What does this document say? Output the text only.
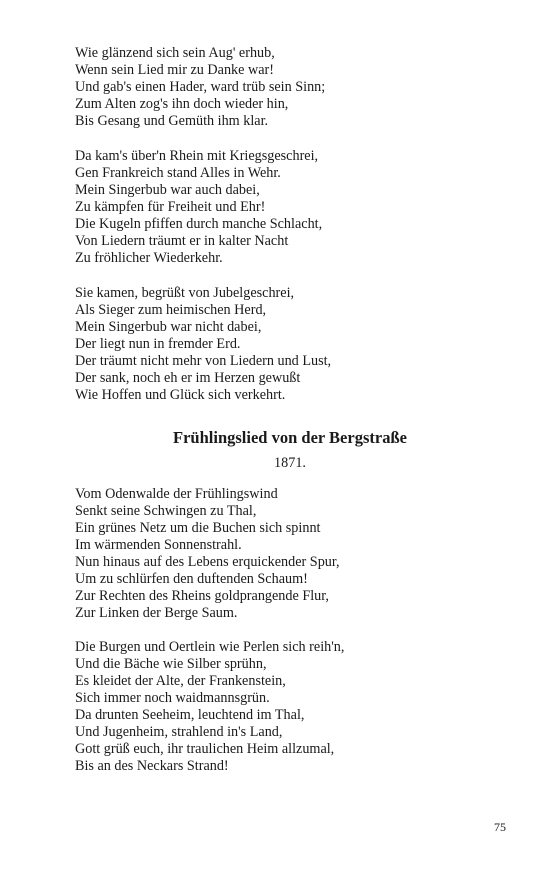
Wie glänzend sich sein Aug' erhub,
Wenn sein Lied mir zu Danke war!
Und gab's einen Hader, ward trüb sein Sinn;
Zum Alten zog's ihn doch wieder hin,
Bis Gesang und Gemüth ihm klar.
Da kam's über'n Rhein mit Kriegsgeschrei,
Gen Frankreich stand Alles in Wehr.
Mein Singerbub war auch dabei,
Zu kämpfen für Freiheit und Ehr!
Die Kugeln pfiffen durch manche Schlacht,
Von Liedern träumt er in kalter Nacht
Zu fröhlicher Wiederkehr.
Sie kamen, begrüßt von Jubelgeschrei,
Als Sieger zum heimischen Herd,
Mein Singerbub war nicht dabei,
Der liegt nun in fremder Erd.
Der träumt nicht mehr von Liedern und Lust,
Der sank, noch eh er im Herzen gewußt
Wie Hoffen und Glück sich verkehrt.
Frühlingslied von der Bergstraße
1871.
Vom Odenwalde der Frühlingswind
Senkt seine Schwingen zu Thal,
Ein grünes Netz um die Buchen sich spinnt
Im wärmenden Sonnenstrahl.
Nun hinaus auf des Lebens erquickender Spur,
Um zu schlürfen den duftenden Schaum!
Zur Rechten des Rheins goldprangende Flur,
Zur Linken der Berge Saum.
Die Burgen und Oertlein wie Perlen sich reih'n,
Und die Bäche wie Silber sprühn,
Es kleidet der Alte, der Frankenstein,
Sich immer noch waidmannsgrün.
Da drunten Seeheim, leuchtend im Thal,
Und Jugenheim, strahlend in's Land,
Gott grüß euch, ihr traulichen Heim allzumal,
Bis an des Neckars Strand!
75
